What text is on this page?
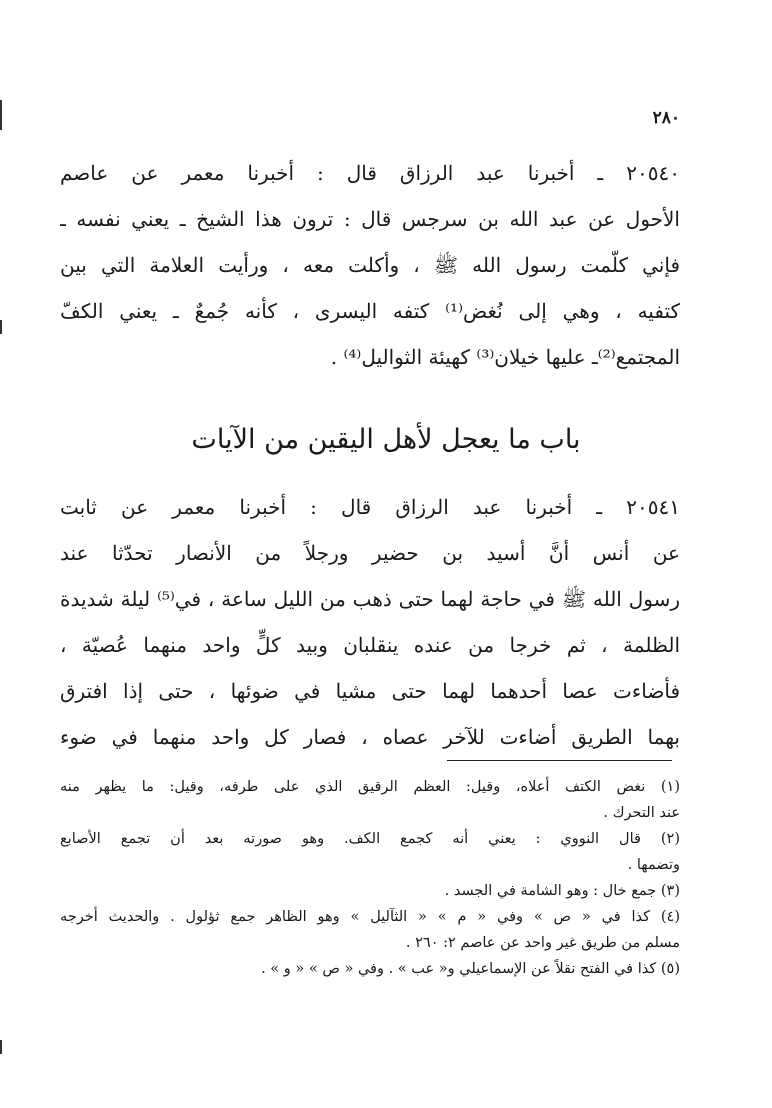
٢٨٠
٢٠٥٤٠ ـ أخبرنا عبد الرزاق قال : أخبرنا معمر عن عاصم
الأحول عن عبد الله بن سرجس قال : ترون هذا الشيخ ـ يعني نفسه ـ
فإني كلّمت رسول الله ﷺ ، وأكلت معه ، ورأيت العلامة التي بين
كتفيه ، وهي إلى نُغض⁽¹⁾ كتفه اليسرى ، كأنه جُمعٌ ـ يعني الكفّ
المجتمع⁽²⁾ـ عليها خيلان⁽³⁾ كهيئة الثواليل⁽⁴⁾ .
باب ما يعجل لأهل اليقين من الآيات
٢٠٥٤١ ـ أخبرنا عبد الرزاق قال : أخبرنا معمر عن ثابت
عن أنس أنَّ أسيد بن حضير ورجلاً من الأنصار تحدّثا عند
رسول الله ﷺ في حاجة لهما حتى ذهب من الليل ساعة ، في⁽⁵⁾ ليلة شديدة
الظلمة ، ثم خرجا من عنده ينقلبان وبيد كلٍّ واحد منهما عُصيّة ،
فأضاءت عصا أحدهما لهما حتى مشيا في ضوئها ، حتى إذا افترق
بهما الطريق أضاءت للآخر عصاه ، فصار كل واحد منهما في ضوء
(١) نغض الكتف أعلاه، وقيل: العظم الرقيق الذي على طرفه، وقيل: ما يظهر منه
عند التحرك .
(٢) قال النووي : يعني أنه كجمع الكف. وهو صورته بعد أن تجمع الأصابع
وتضمها .
(٣) جمع خال : وهو الشامة في الجسد .
(٤) كذا في « ص » وفي « م » « الثآليل » وهو الظاهر جمع ثؤلول . والحديث أخرجه
مسلم من طريق غير واحد عن عاصم ٢: ٢٦٠ .
(٥) كذا في الفتح نقلاً عن الإسماعيلي و« عب » . وفي « ص » « و » .
